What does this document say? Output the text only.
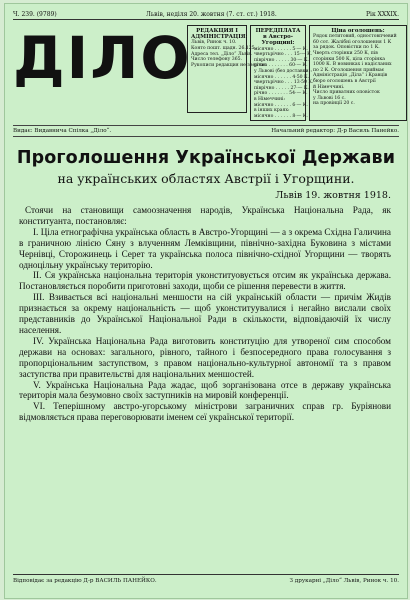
Ч. 239. (9789)	Львів, неділя 20. жовтня (7. ст. ст.) 1918.	Рік XXXIX.
ДІЛО РЕДАКЦИЯ І АДМІНІСТРАЦІЯ:
Львів, Ринок ч. 10.
Конто пошт. щадн. 26.125.
Адреса тел. „Діло“ Львів.
Число телефону 365.
Рукописи редакция не звертає.
ПЕРЕДПЛАТА в Австро-Угорщині:
місячно . . . . . . 5·— К.
чвертьрічно . . . 15·— К.
піврічно . . . . . 30·— К.
річно . . . . . . . 60·— К.
у Львові (без доставки):
місячно . . . . . . 4·50 К.
чвертьрічно . . . 13·50 К.
піврічно . . . . . 27·— К.
річно . . . . . . . 54·— К.
в Німеччині:
місячно . . . . . . 6·— К.
в інших краях:
місячно . . . . . . 8·— К.
Ціна оголошень:
Рядок петитовий, одностовпчевий
60 сот. Жалібні оголошення 1 К
за рядок. Оповістки по 1 К.
Чверть сторінки 250 К, пів
сторінки 500 К, ціла сторінка
1000 К. В новинках і надісланих
по 2 К. Оголошення приймає
Адміністрація „Діла“ і Кравців
бюро оголошень в Австрії
й Німеччині.
Число приватних оповісток
у Львові 16 с.
на провінції 20 с.
Видає: Видавнича Спілка „Діло“.	Начальний редактор: Д-р Василь Панейко.
Проголошення Української Держави
на українських областях Австрії і Угорщини.
Львів 19. жовтня 1918.

Стоячи на становищи самоозначення народів, Українська Національна Рада, як конституанта, постановляє:

I. Ціла етнографічна українська область в Австро-Угорщині — а з окрема Східна Галичина в граничною лінією Сяну з влученням Лемківщини, північно-західна Буковина з містами Чернівці, Сторожинець і Серет та українська полоса північно-східної Угорщини — творять одноцільну українську територію.

II. Ся українська національна територія уконституовується отсим як українська держава. Постановляється поробити приготовні заходи, щоби се рішення перевести в життя.

III. Взивається всі національні меншости на сій українській области — причім Жидів признається за окрему національність — щоб уконституувалися і негайно вислали своїх представників до Української Національної Ради в скількости, відповідаючій їх числу населення.

IV. Українська Національна Рада виготовить конституцію для утвореної сим способом держави на основах: загального, рівного, тайного і безпосередного права голосування з пропорціональним заступством, з правом національно-культурної автономії та з правом заступства при правительстві для національних меншостей.

V. Українська Національна Рада жадає, щоб зорганізована отсе в державу українська територія мала безумовно своїх заступників на мировій конференції.

VI. Теперішному австро-угорському міністрови заграничних справ гр. Буріянови відмовляється права переговорювати іменем сеї української території.

Відповідає за редакцію Д-р ВАСИЛЬ ПАНЕЙКО.	З друкарні „Діло“ Львів, Ринок ч. 10.
